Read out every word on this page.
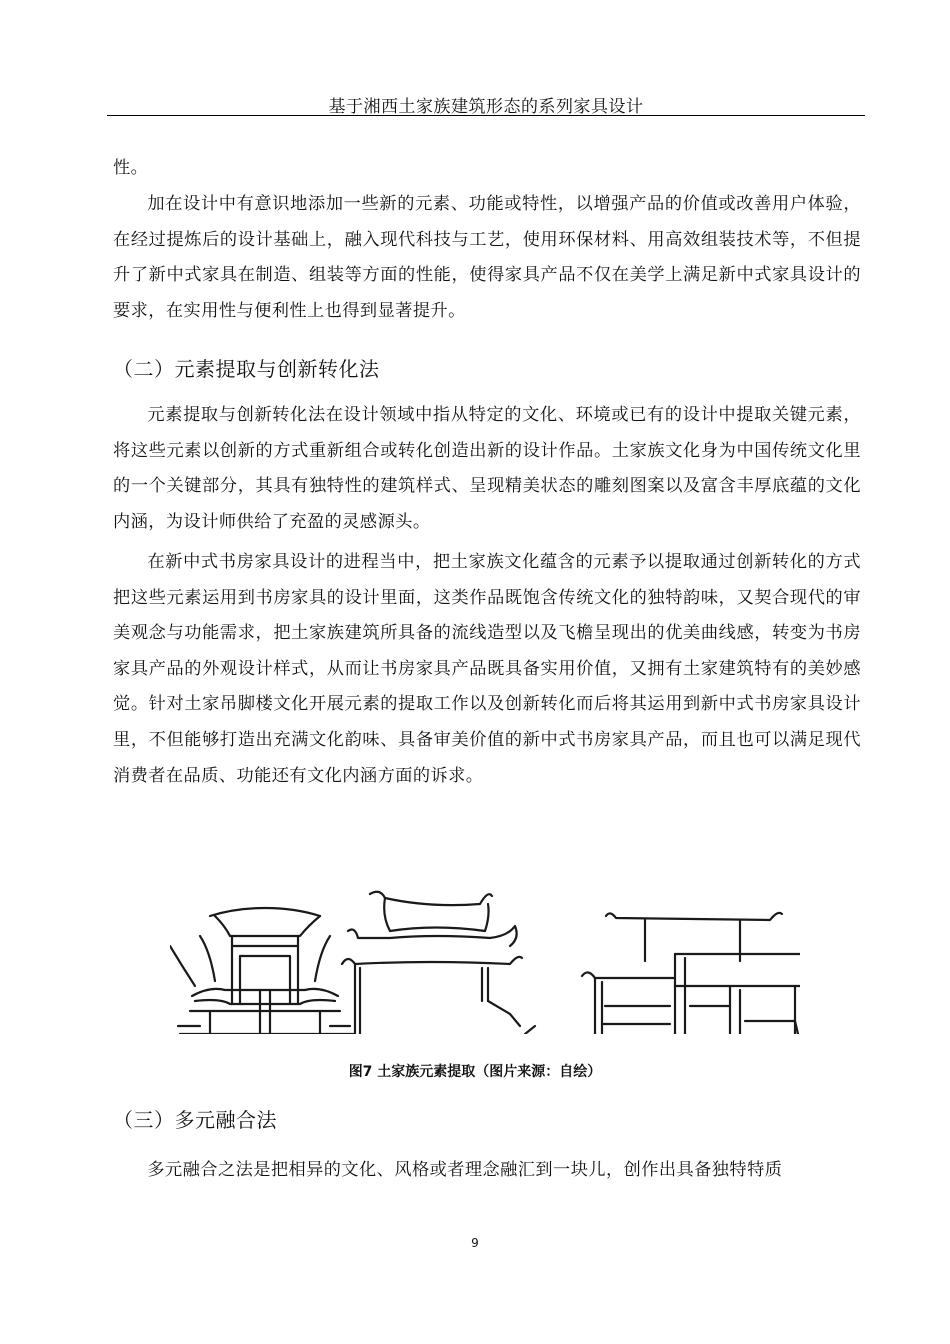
基于湘西土家族建筑形态的系列家具设计

性。

加在设计中有意识地添加一些新的元素、功能或特性，以增强产品的价值或改善用户体验，在经过提炼后的设计基础上，融入现代科技与工艺，使用环保材料、用高效组装技术等，不但提升了新中式家具在制造、组装等方面的性能，使得家具产品不仅在美学上满足新中式家具设计的要求，在实用性与便利性上也得到显著提升。

（二）元素提取与创新转化法

元素提取与创新转化法在设计领域中指从特定的文化、环境或已有的设计中提取关键元素，将这些元素以创新的方式重新组合或转化创造出新的设计作品。土家族文化身为中国传统文化里的一个关键部分，其具有独特性的建筑样式、呈现精美状态的雕刻图案以及富含丰厚底蕴的文化内涵，为设计师供给了充盈的灵感源头。

在新中式书房家具设计的进程当中，把土家族文化蕴含的元素予以提取通过创新转化的方式把这些元素运用到书房家具的设计里面，这类作品既饱含传统文化的独特韵味，又契合现代的审美观念与功能需求，把土家族建筑所具备的流线造型以及飞檐呈现出的优美曲线感，转变为书房家具产品的外观设计样式，从而让书房家具产品既具备实用价值，又拥有土家建筑特有的美妙感觉。针对土家吊脚楼文化开展元素的提取工作以及创新转化而后将其运用到新中式书房家具设计里，不但能够打造出充满文化韵味、具备审美价值的新中式书房家具产品，而且也可以满足现代消费者在品质、功能还有文化内涵方面的诉求。

图7 土家族元素提取（图片来源：自绘）
（三）多元融合法

多元融合之法是把相异的文化、风格或者理念融汇到一块儿，创作出具备独特特质

9
